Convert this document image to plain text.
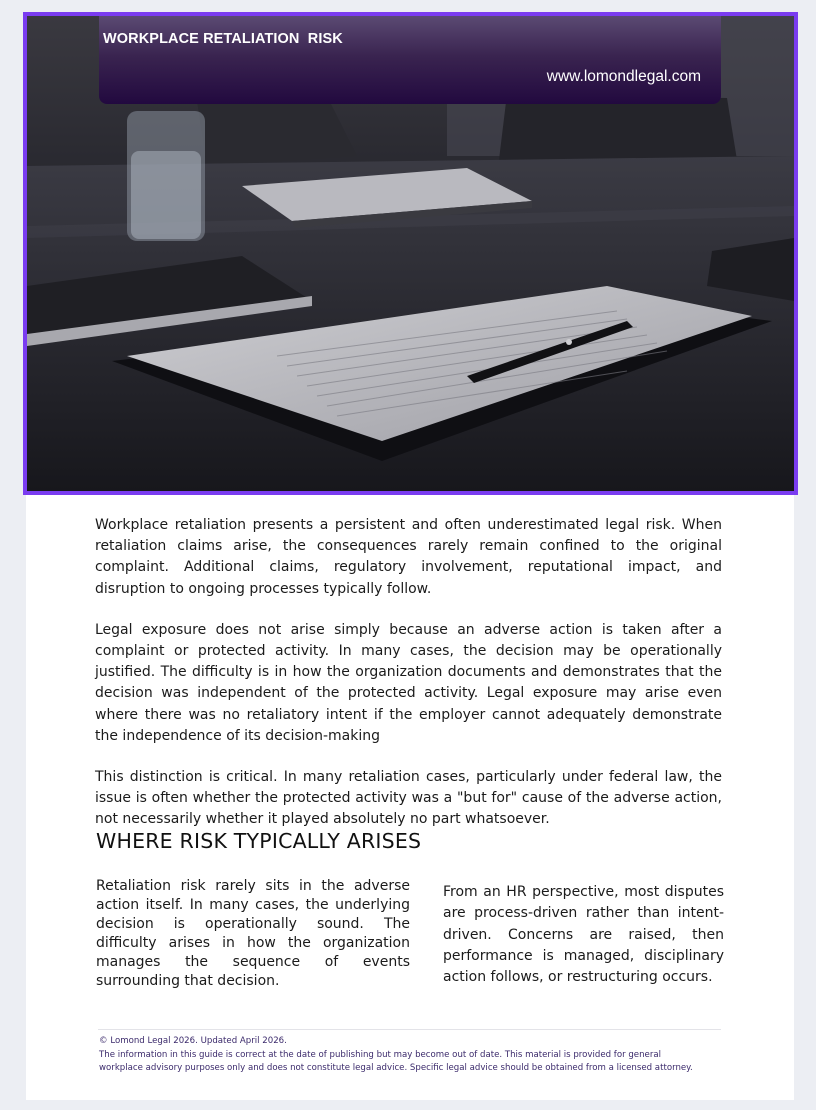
WORKPLACE RETALIATION  RISK
www.lomondlegal.com

Workplace retaliation presents a persistent and often underestimated legal risk. When retaliation claims arise, the consequences rarely remain confined to the original complaint. Additional claims, regulatory involvement, reputational impact, and disruption to ongoing processes typically follow.

Legal exposure does not arise simply because an adverse action is taken after a complaint or protected activity. In many cases, the decision may be operationally justified. The difficulty is in how the organization documents and demonstrates that the decision was independent of the protected activity. Legal exposure may arise even where there was no retaliatory intent if the employer cannot adequately demonstrate the independence of its decision-making

This distinction is critical. In many retaliation cases, particularly under federal law, the issue is often whether the protected activity was a "but for" cause of the adverse action, not necessarily whether it played absolutely no part whatsoever.

WHERE RISK TYPICALLY ARISES
Retaliation risk rarely sits in the adverse action itself. In many cases, the underlying decision is operationally sound. The difficulty arises in how the organization manages the sequence of events surrounding that decision.
From an HR perspective, most disputes are process-driven rather than intent-driven. Concerns are raised, then performance is managed, disciplinary action follows, or restructuring occurs.
© Lomond Legal 2026. Updated April 2026.
The information in this guide is correct at the date of publishing but may become out of date. This material is provided for general
workplace advisory purposes only and does not constitute legal advice. Specific legal advice should be obtained from a licensed attorney.
